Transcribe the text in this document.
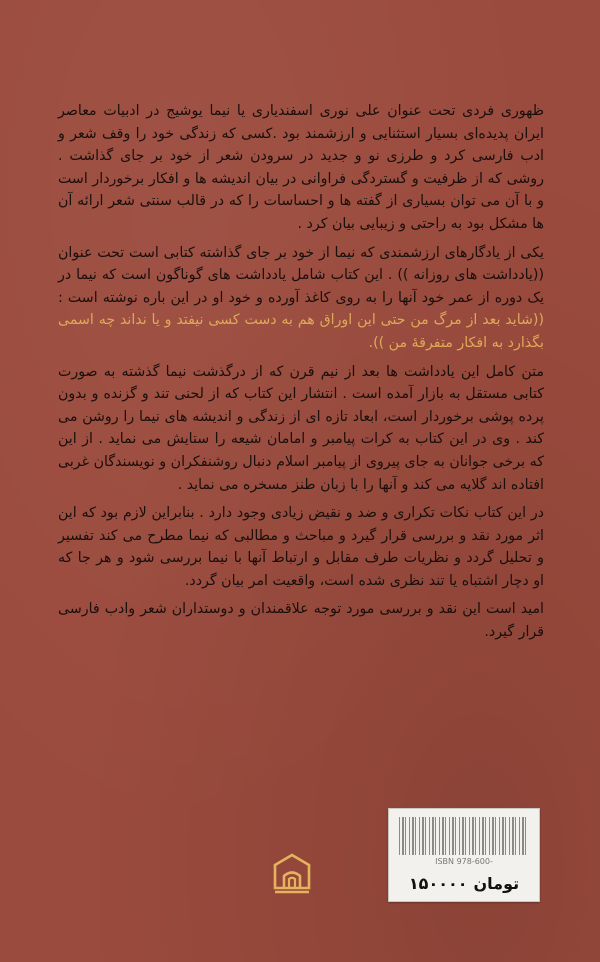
ظهوری فردی تحت عنوان علی نوری اسفندیاری یا نیما یوشیج در ادبیات معاصر ایران پدیده‌ای بسیار استثنایی و ارزشمند بود .کسی که زندگی خود را وقف شعر و ادب فارسی کرد و طرزی نو و جدید در سرودن شعر از خود بر جای گذاشت . روشی که از ظرفیت و گستردگی فراوانی در بیان اندیشه ها و افکار برخوردار است و با آن می توان بسیاری از گفته ها و احساسات را که در قالب سنتی شعر ارائه آن ها مشکل بود به راحتی و زیبایی بیان کرد .

یکی از یادگارهای ارزشمندی که نیما از خود بر جای گذاشته کتابی است تحت عنوان ((یادداشت های روزانه )) . این کتاب شامل یادداشت های گوناگون است که نیما در یک دوره از عمر خود آنها را به روی کاغذ آورده و خود او در این باره نوشته است : ((شاید بعد از مرگ من حتی این اوراق هم به دست کسی نیفتد و یا نداند چه اسمی بگذارد به افکار متفرقهٔ من )).

متن کامل این یادداشت ها بعد از نیم قرن که از درگذشت نیما گذشته به صورت کتابی مستقل به بازار آمده است . انتشار این کتاب که از لحنی تند و گزنده و بدون پرده پوشی برخوردار است، ابعاد تازه ای از زندگی و اندیشه های نیما را روشن می کند . وی در این کتاب به کرات پیامبر و امامان شیعه را ستایش می نماید . از این که برخی جوانان به جای پیروی از پیامبر اسلام دنبال روشنفکران و نویسندگان غربی افتاده اند گلایه می کند و آنها را با زبان طنز مسخره می نماید .

در این کتاب نکات تکراری و ضد و نقیض زیادی وجود دارد . بنابراین لازم بود که این اثر مورد نقد و بررسی قرار گیرد و مباحث و مطالبی که نیما مطرح می کند تفسیر و تحلیل گردد و نظریات طرف مقابل و ارتباط آنها با نیما بررسی شود و هر جا که او دچار اشتباه یا تند نظری شده است، واقعیت امر بیان گردد.

امید است این نقد و بررسی مورد توجه علاقمندان و دوستداران شعر وادب فارسی قرار گیرد.

ISBN 978-600-
تومان
۱۵۰۰۰۰
